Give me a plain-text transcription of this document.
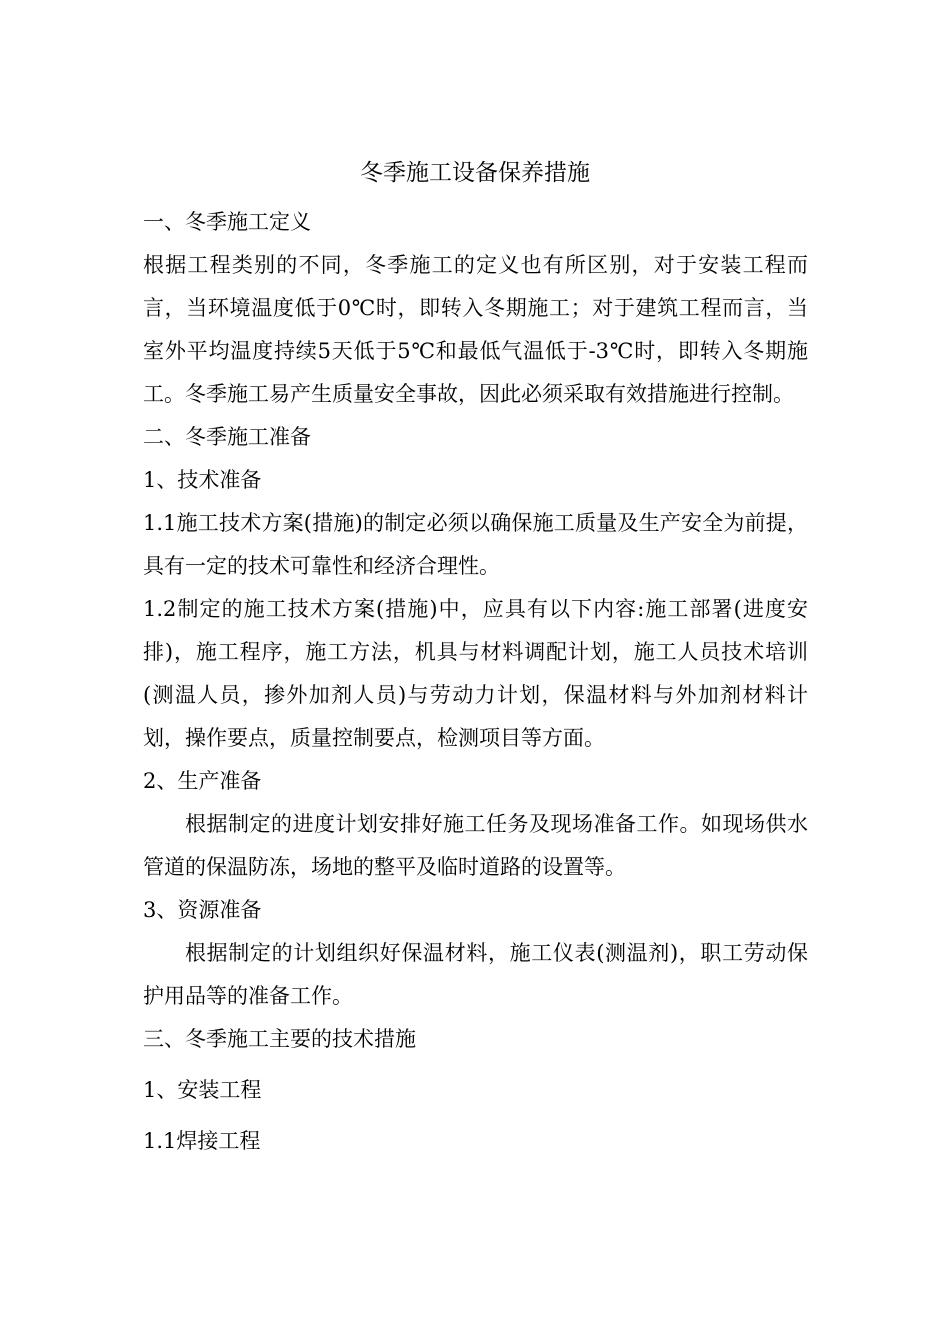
冬季施工设备保养措施

一、冬季施工定义

根据工程类别的不同，冬季施工的定义也有所区别，对于安装工程而言，当环境温度低于0℃时，即转入冬期施工；对于建筑工程而言，当室外平均温度持续5天低于5℃和最低气温低于-3℃时，即转入冬期施工。冬季施工易产生质量安全事故，因此必须采取有效措施进行控制。

二、冬季施工准备

1、技术准备

1.1施工技术方案(措施)的制定必须以确保施工质量及生产安全为前提，具有一定的技术可靠性和经济合理性。

1.2制定的施工技术方案(措施)中，应具有以下内容:施工部署(进度安排)，施工程序，施工方法，机具与材料调配计划，施工人员技术培训(测温人员，掺外加剂人员)与劳动力计划，保温材料与外加剂材料计划，操作要点，质量控制要点，检测项目等方面。

2、生产准备

根据制定的进度计划安排好施工任务及现场准备工作。如现场供水管道的保温防冻，场地的整平及临时道路的设置等。

3、资源准备

根据制定的计划组织好保温材料，施工仪表(测温剂)，职工劳动保护用品等的准备工作。

三、冬季施工主要的技术措施

1、安装工程

1.1焊接工程
